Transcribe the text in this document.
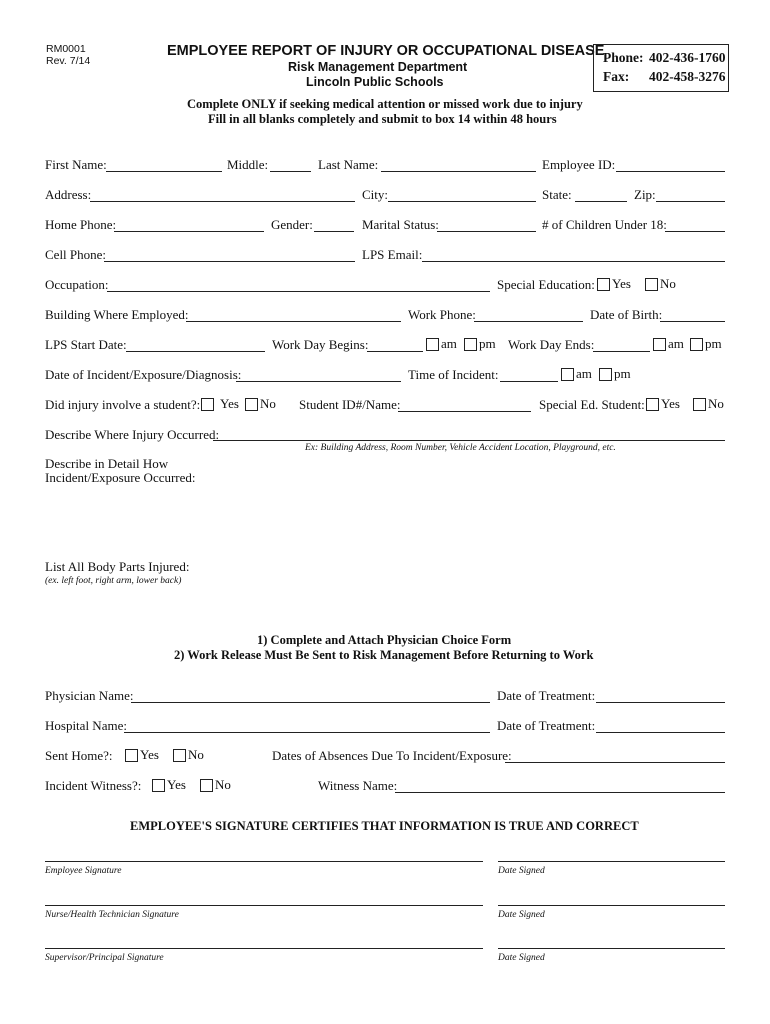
RM0001
Rev. 7/14
EMPLOYEE REPORT OF INJURY OR OCCUPATIONAL DISEASE
Risk Management Department
Lincoln Public Schools
Phone: 402-436-1760
Fax: 402-458-3276
Complete ONLY if seeking medical attention or missed work due to injury
Fill in all blanks completely and submit to box 14 within 48 hours
First Name:	Middle:	Last Name:	Employee ID:
Address:	City:	State:	Zip:
Home Phone:	Gender:	Marital Status:	# of Children Under 18:
Cell Phone:	LPS Email:
Occupation:	Special Education: Yes No
Building Where Employed:	Work Phone:	Date of Birth:
LPS Start Date:	Work Day Begins:	am pm Work Day Ends:	am pm
Date of Incident/Exposure/Diagnosis:	Time of Incident:	am pm
Did injury involve a student?: Yes No Student ID#/Name:	Special Ed. Student: Yes No
Describe Where Injury Occurred:
Ex: Building Address, Room Number, Vehicle Accident Location, Playground, etc.
Describe in Detail How
Incident/Exposure Occurred:
List All Body Parts Injured:
(ex. left foot, right arm, lower back)
1) Complete and Attach Physician Choice Form
2) Work Release Must Be Sent to Risk Management Before Returning to Work
Physician Name:	Date of Treatment:
Hospital Name:	Date of Treatment:
Sent Home?: Yes No	Dates of Absences Due To Incident/Exposure:
Incident Witness?: Yes No	Witness Name:
EMPLOYEE'S SIGNATURE CERTIFIES THAT INFORMATION IS TRUE AND CORRECT
Employee Signature	Date Signed
Nurse/Health Technician Signature	Date Signed
Supervisor/Principal Signature	Date Signed
